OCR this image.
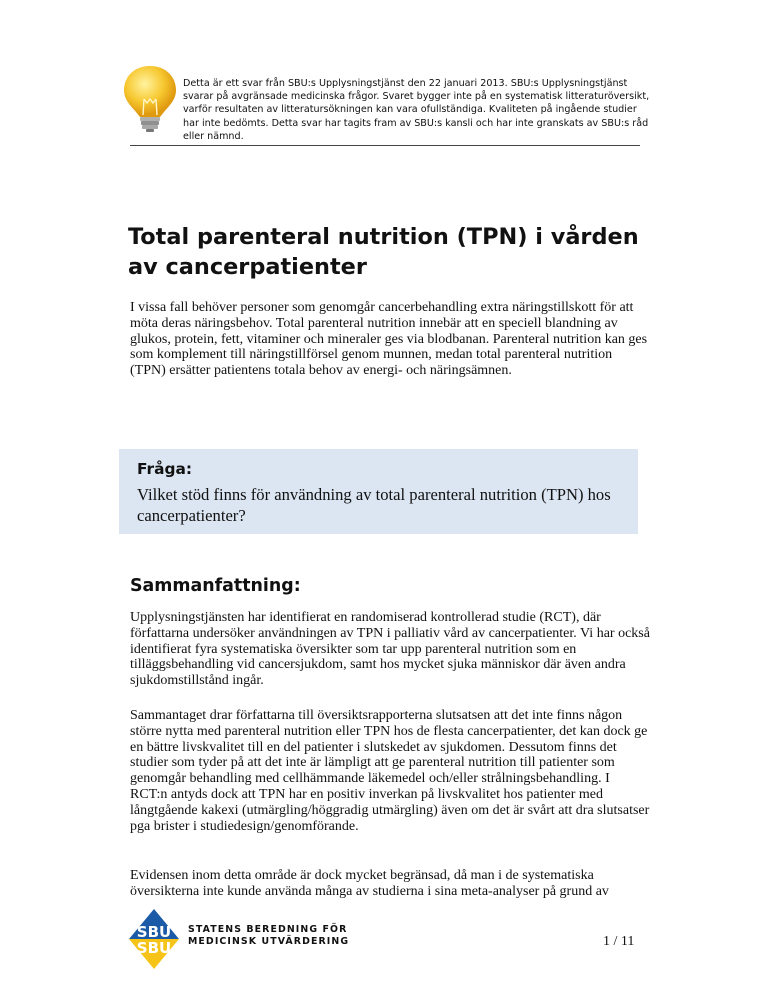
Detta är ett svar från SBU:s Upplysningstjänst den 22 januari 2013. SBU:s Upplysningstjänst svarar på avgränsade medicinska frågor. Svaret bygger inte på en systematisk litteraturöversikt, varför resultaten av litteratursökningen kan vara ofullständiga. Kvaliteten på ingående studier har inte bedömts. Detta svar har tagits fram av SBU:s kansli och har inte granskats av SBU:s råd eller nämnd.

Total parenteral nutrition (TPN) i vården av cancerpatienter

I vissa fall behöver personer som genomgår cancerbehandling extra näringstillskott för att möta deras näringsbehov. Total parenteral nutrition innebär att en speciell blandning av glukos, protein, fett, vitaminer och mineraler ges via blodbanan. Parenteral nutrition kan ges som komplement till näringstillförsel genom munnen, medan total parenteral nutrition (TPN) ersätter patientens totala behov av energi- och näringsämnen.

Fråga:

Vilket stöd finns för användning av total parenteral nutrition (TPN) hos cancerpatienter?

Sammanfattning:

Upplysningstjänsten har identifierat en randomiserad kontrollerad studie (RCT), där författarna undersöker användningen av TPN i palliativ vård av cancerpatienter. Vi har också identifierat fyra systematiska översikter som tar upp parenteral nutrition som en tilläggsbehandling vid cancersjukdom, samt hos mycket sjuka människor där även andra sjukdomstillstånd ingår.

Sammantaget drar författarna till översiktsrapporterna slutsatsen att det inte finns någon större nytta med parenteral nutrition eller TPN hos de flesta cancerpatienter, det kan dock ge en bättre livskvalitet till en del patienter i slutskedet av sjukdomen. Dessutom finns det studier som tyder på att det inte är lämpligt att ge parenteral nutrition till patienter som genomgår behandling med cellhämmande läkemedel och/eller strålningsbehandling. I RCT:n antyds dock att TPN har en positiv inverkan på livskvalitet hos patienter med långtgående kakexi (utmärgling/höggradig utmärgling) även om det är svårt att dra slutsatser pga brister i studiedesign/genomförande.

Evidensen inom detta område är dock mycket begränsad, då man i de systematiska översikterna inte kunde använda många av studierna i sina meta-analyser på grund av

SBU
SBU

STATENS BEREDNING FÖR
MEDICINSK UTVÄRDERING	1 / 11
